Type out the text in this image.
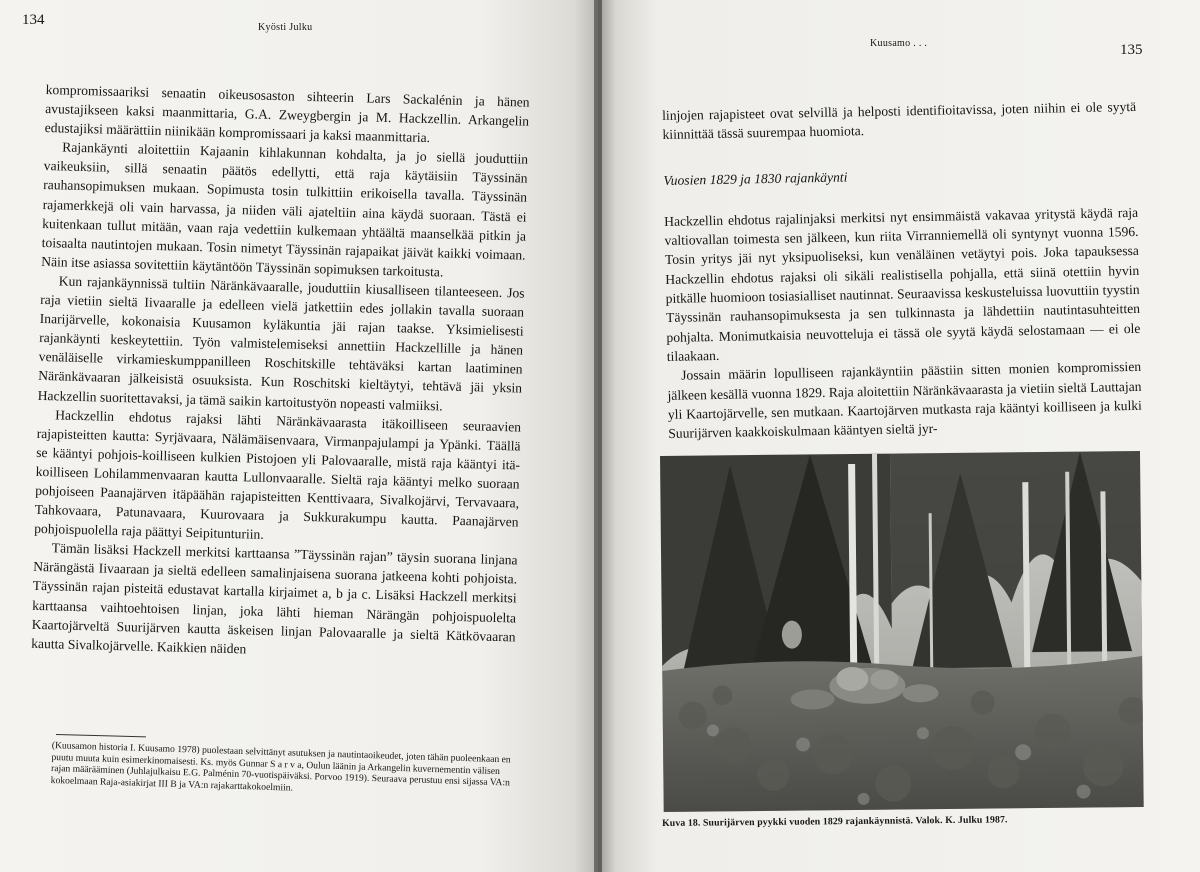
134	Kyösti Julku

kompromissaariksi senaatin oikeusosaston sihteerin Lars Sackalénin ja hänen avustajikseen kaksi maanmittaria, G.A. Zweygbergin ja M. Hackzellin. Arkangelin edustajiksi määrättiin niinikään kompromissaari ja kaksi maanmittaria.

Rajankäynti aloitettiin Kajaanin kihlakunnan kohdalta, ja jo siellä jouduttiin vaikeuksiin, sillä senaatin päätös edellytti, että raja käytäisiin Täyssinän rauhansopimuksen mukaan. Sopimusta tosin tulkittiin erikoisella tavalla. Täyssinän rajamerkkejä oli vain harvassa, ja niiden väli ajateltiin aina käydä suoraan. Tästä ei kuitenkaan tullut mitään, vaan raja vedettiin kulkemaan yhtäältä maanselkää pitkin ja toisaalta nautintojen mukaan. Tosin nimetyt Täyssinän rajapaikat jäivät kaikki voimaan. Näin itse asiassa sovitettiin käytäntöön Täyssinän sopimuksen tarkoitusta.

Kun rajankäynnissä tultiin Näränkävaaralle, jouduttiin kiusalliseen tilanteeseen. Jos raja vietiin sieltä Iivaaralle ja edelleen vielä jatkettiin edes jollakin tavalla suoraan Inarijärvelle, kokonaisia Kuusamon kyläkuntia jäi rajan taakse. Yksimielisesti rajankäynti keskeytettiin. Työn valmistelemiseksi annettiin Hackzellille ja hänen venäläiselle virkamieskumppanilleen Roschitskille tehtäväksi kartan laatiminen Näränkävaaran jälkeisistä osuuksista. Kun Roschitski kieltäytyi, tehtävä jäi yksin Hackzellin suoritettavaksi, ja tämä saikin kartoitustyön nopeasti valmiiksi.

Hackzellin ehdotus rajaksi lähti Näränkävaarasta itäkoilliseen seuraavien rajapisteitten kautta: Syrjävaara, Nälämäisenvaara, Virmanpajulampi ja Ypänki. Täällä se kääntyi pohjois-koilliseen kulkien Pistojoen yli Palovaaralle, mistä raja kääntyi itä-koilliseen Lohilammenvaaran kautta Lullonvaaralle. Sieltä raja kääntyi melko suoraan pohjoiseen Paanajärven itäpäähän rajapisteitten Kenttivaara, Sivalkojärvi, Tervavaara, Tahkovaara, Patunavaara, Kuurovaara ja Sukkurakumpu kautta. Paanajärven pohjoispuolella raja päättyi Seipitunturiin.

Tämän lisäksi Hackzell merkitsi karttaansa ”Täyssinän rajan” täysin suorana linjana Närängästä Iivaaraan ja sieltä edelleen samalinjaisena suorana jatkeena kohti pohjoista. Täyssinän rajan pisteitä edustavat kartalla kirjaimet a, b ja c. Lisäksi Hackzell merkitsi karttaansa vaihtoehtoisen linjan, joka lähti hieman Närängän pohjoispuolelta Kaartojärveltä Suurijärven kautta äskeisen linjan Palovaaralle ja sieltä Kätkövaaran kautta Sivalkojärvelle. Kaikkien näiden

(Kuusamon historia I. Kuusamo 1978) puolestaan selvittänyt asutuksen ja nautintaoikeudet, joten tähän puoleenkaan en puutu muuta kuin esimerkinomaisesti. Ks. myös Gunnar S a r v a, Oulun läänin ja Arkangelin kuvernementin välisen rajan määrääminen (Juhlajulkaisu E.G. Palménin 70-vuotispäiväksi. Porvoo 1919). Seuraava perustuu ensi sijassa VA:n kokoelmaan Raja-asiakirjat III B ja VA:n rajakarttakokoelmiin.

Kuusamo . . .	135

linjojen rajapisteet ovat selvillä ja helposti identifioitavissa, joten niihin ei ole syytä kiinnittää tässä suurempaa huomiota.

Vuosien 1829 ja 1830 rajankäynti

Hackzellin ehdotus rajalinjaksi merkitsi nyt ensimmäistä vakavaa yritystä käydä raja valtiovallan toimesta sen jälkeen, kun riita Virranniemellä oli syntynyt vuonna 1596. Tosin yritys jäi nyt yksipuoliseksi, kun venäläinen vetäytyi pois. Joka tapauksessa Hackzellin ehdotus rajaksi oli sikäli realistisella pohjalla, että siinä otettiin hyvin pitkälle huomioon tosiasialliset nautinnat. Seuraavissa keskusteluissa luovuttiin tyystin Täyssinän rauhansopimuksesta ja sen tulkinnasta ja lähdettiin nautintasuhteitten pohjalta. Monimutkaisia neuvotteluja ei tässä ole syytä käydä selostamaan — ei ole tilaakaan.

Jossain määrin lopulliseen rajankäyntiin päästiin sitten monien kompromissien jälkeen kesällä vuonna 1829. Raja aloitettiin Näränkävaarasta ja vietiin sieltä Lauttajan yli Kaartojärvelle, sen mutkaan. Kaartojärven mutkasta raja kääntyi koilliseen ja kulki Suurijärven kaakkoiskulmaan kääntyen sieltä jyr-

Kuva 18. Suurijärven pyykki vuoden 1829 rajankäynnistä. Valok. K. Julku 1987.
